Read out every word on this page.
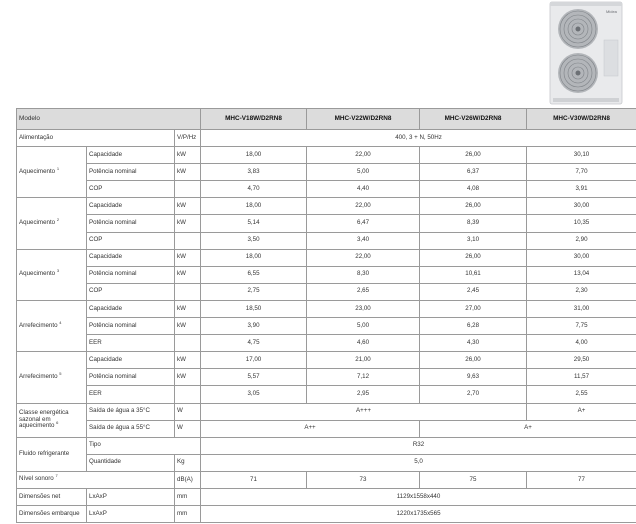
Midea
Modelo			MHC-V18W/D2RN8	MHC-V22W/D2RN8	MHC-V26W/D2RN8	MHC-V30W/D2RN8
Alimentação		V/P/Hz	400, 3 + N, 50Hz			
Aquecimento $^1$	Capacidade	kW	18,00	22,00	26,00	30,10
	Potência nominal	kW	3,83	5,00	6,37	7,70
	COP		4,70	4,40	4,08	3,91
Aquecimento $^2$	Capacidade	kW	18,00	22,00	26,00	30,00
	Potência nominal	kW	5,14	6,47	8,39	10,35
	COP		3,50	3,40	3,10	2,90
Aquecimento $^3$	Capacidade	kW	18,00	22,00	26,00	30,00
	Potência nominal	kW	6,55	8,30	10,61	13,04
	COP		2,75	2,65	2,45	2,30
Arrefecimento $^4$	Capacidade	kW	18,50	23,00	27,00	31,00
	Potência nominal	kW	3,90	5,00	6,28	7,75
	EER		4,75	4,60	4,30	4,00
Arrefecimento $^5$	Capacidade	kW	17,00	21,00	26,00	29,50
	Potência nominal	kW	5,57	7,12	9,63	11,57
	EER		3,05	2,95	2,70	2,55
Classe energética sazonal em aquecimento $^6$	Saída de água a 35°C	W	A+++			A+
	Saída de água a 55°C	W	A++		A+	
Fluido refrigerante	Tipo		R32			
	Quantidade	Kg	5,0			
Nível sonoro $^7$		dB(A)	71	73	75	77
Dimensões net	LxAxP	mm	1129x1558x440			
Dimensões embarque	LxAxP	mm	1220x1735x565			
